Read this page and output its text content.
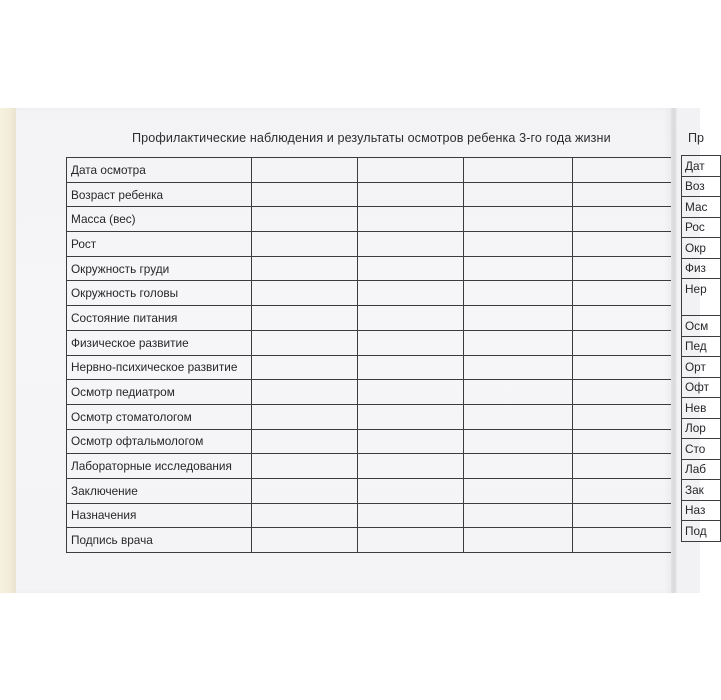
Профилактические наблюдения и результаты осмотров ребенка 3-го года жизни
Дата осмотра				
Возраст ребенка				
Масса (вес)				
Рост				
Окружность груди				
Окружность головы				
Состояние питания				
Физическое развитие				
Нервно-психическое развитие				
Осмотр педиатром				
Осмотр стоматологом				
Осмотр офтальмологом				
Лабораторные исследования				
Заключение				
Назначения				
Подпись врача				
Пр
Дат
Воз
Мас
Рос
Окр
Физ
Нер
Осм
Пед
Орт
Офт
Нев
Лор
Сто
Лаб
Зак
Наз
Под
